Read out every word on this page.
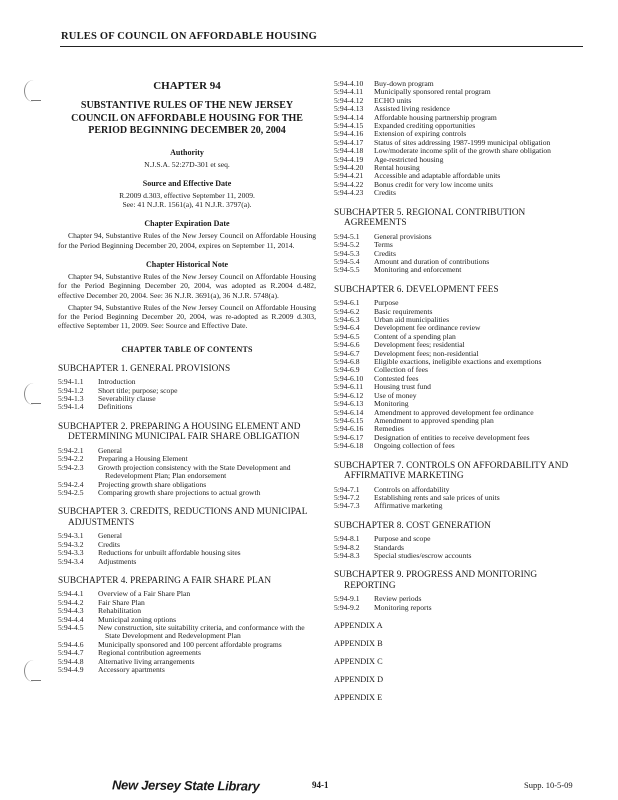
RULES OF COUNCIL ON AFFORDABLE HOUSING
CHAPTER 94
SUBSTANTIVE RULES OF THE NEW JERSEY
COUNCIL ON AFFORDABLE HOUSING FOR THE
PERIOD BEGINNING DECEMBER 20, 2004
Authority
N.J.S.A. 52:27D-301 et seq.
Source and Effective Date
R.2009 d.303, effective September 11, 2009.
See: 41 N.J.R. 1561(a), 41 N.J.R. 3797(a).
Chapter Expiration Date

Chapter 94, Substantive Rules of the New Jersey Council on Affordable Housing for the Period Beginning December 20, 2004, expires on September 11, 2014.

Chapter Historical Note

Chapter 94, Substantive Rules of the New Jersey Council on Affordable Housing for the Period Beginning December 20, 2004, was adopted as R.2004 d.482, effective December 20, 2004. See: 36 N.J.R. 3691(a), 36 N.J.R. 5748(a).

Chapter 94, Substantive Rules of the New Jersey Council on Affordable Housing for the Period Beginning December 20, 2004, was re-adopted as R.2009 d.303, effective September 11, 2009. See: Source and Effective Date.

CHAPTER TABLE OF CONTENTS
SUBCHAPTER 1. GENERAL PROVISIONS
5:94-1.1	Introduction
5:94-1.2	Short title; purpose; scope
5:94-1.3	Severability clause
5:94-1.4	Definitions
SUBCHAPTER 2. PREPARING A HOUSING ELEMENT AND DETERMINING MUNICIPAL FAIR SHARE OBLIGATION
5:94-2.1	General
5:94-2.2	Preparing a Housing Element
5:94-2.3	Growth projection consistency with the State Development and Redevelopment Plan; Plan endorsement
5:94-2.4	Projecting growth share obligations
5:94-2.5	Comparing growth share projections to actual growth
SUBCHAPTER 3. CREDITS, REDUCTIONS AND MUNICIPAL ADJUSTMENTS
5:94-3.1	General
5:94-3.2	Credits
5:94-3.3	Reductions for unbuilt affordable housing sites
5:94-3.4	Adjustments
SUBCHAPTER 4. PREPARING A FAIR SHARE PLAN
5:94-4.1	Overview of a Fair Share Plan
5:94-4.2	Fair Share Plan
5:94-4.3	Rehabilitation
5:94-4.4	Municipal zoning options
5:94-4.5	New construction, site suitability criteria, and conformance with the State Development and Redevelopment Plan
5:94-4.6	Municipally sponsored and 100 percent affordable programs
5:94-4.7	Regional contribution agreements
5:94-4.8	Alternative living arrangements
5:94-4.9	Accessory apartments
5:94-4.10	Buy-down program
5:94-4.11	Municipally sponsored rental program
5:94-4.12	ECHO units
5:94-4.13	Assisted living residence
5:94-4.14	Affordable housing partnership program
5:94-4.15	Expanded crediting opportunities
5:94-4.16	Extension of expiring controls
5:94-4.17	Status of sites addressing 1987-1999 municipal obligation
5:94-4.18	Low/moderate income split of the growth share obligation
5:94-4.19	Age-restricted housing
5:94-4.20	Rental housing
5:94-4.21	Accessible and adaptable affordable units
5:94-4.22	Bonus credit for very low income units
5:94-4.23	Credits
SUBCHAPTER 5. REGIONAL CONTRIBUTION AGREEMENTS
5:94-5.1	General provisions
5:94-5.2	Terms
5:94-5.3	Credits
5:94-5.4	Amount and duration of contributions
5:94-5.5	Monitoring and enforcement
SUBCHAPTER 6. DEVELOPMENT FEES
5:94-6.1	Purpose
5:94-6.2	Basic requirements
5:94-6.3	Urban aid municipalities
5:94-6.4	Development fee ordinance review
5:94-6.5	Content of a spending plan
5:94-6.6	Development fees; residential
5:94-6.7	Development fees; non-residential
5:94-6.8	Eligible exactions, ineligible exactions and exemptions
5:94-6.9	Collection of fees
5:94-6.10	Contested fees
5:94-6.11	Housing trust fund
5:94-6.12	Use of money
5:94-6.13	Monitoring
5:94-6.14	Amendment to approved development fee ordinance
5:94-6.15	Amendment to approved spending plan
5:94-6.16	Remedies
5:94-6.17	Designation of entities to receive development fees
5:94-6.18	Ongoing collection of fees
SUBCHAPTER 7. CONTROLS ON AFFORDABILITY AND AFFIRMATIVE MARKETING
5:94-7.1	Controls on affordability
5:94-7.2	Establishing rents and sale prices of units
5:94-7.3	Affirmative marketing
SUBCHAPTER 8. COST GENERATION
5:94-8.1	Purpose and scope
5:94-8.2	Standards
5:94-8.3	Special studies/escrow accounts
SUBCHAPTER 9. PROGRESS AND MONITORING REPORTING
5:94-9.1	Review periods
5:94-9.2	Monitoring reports
APPENDIX A
APPENDIX B
APPENDIX C
APPENDIX D
APPENDIX E
New Jersey State Library	94-1	Supp. 10-5-09
